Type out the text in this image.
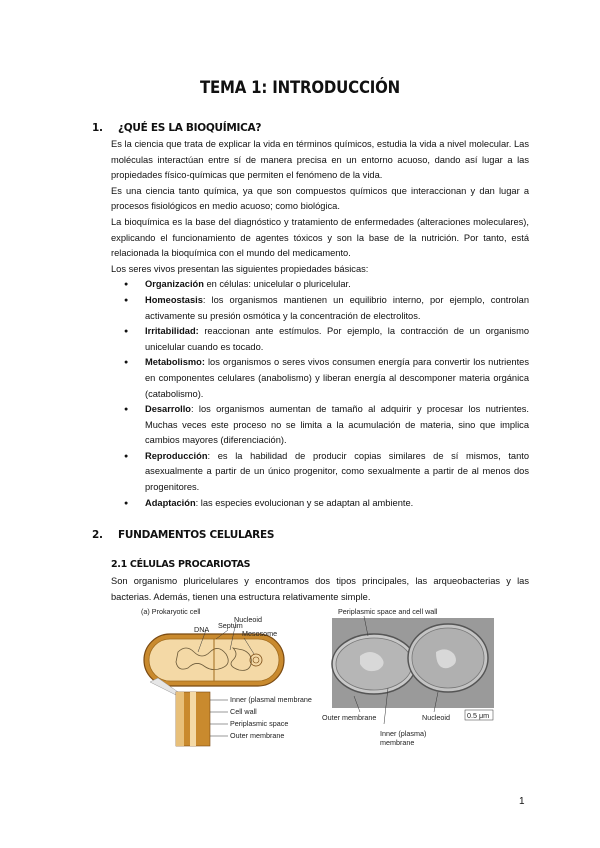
TEMA 1: INTRODUCCIÓN
1. ¿QUÉ ES LA BIOQUÍMICA?

Es la ciencia que trata de explicar la vida en términos químicos, estudia la vida a nivel molecular. Las moléculas interactúan entre sí de manera precisa en un entorno acuoso, dando así lugar a las propiedades físico-químicas que permiten el fenómeno de la vida.

Es una ciencia tanto química, ya que son compuestos químicos que interaccionan y dan lugar a procesos fisiológicos en medio acuoso; como biológica.

La bioquímica es la base del diagnóstico y tratamiento de enfermedades (alteraciones moleculares), explicando el funcionamiento de agentes tóxicos y son la base de la nutrición. Por tanto, está relacionada la bioquímica con el mundo del medicamento.

Los seres vivos presentan las siguientes propiedades básicas:

● Organización en células: unicelular o pluricelular.
● Homeostasis: los organismos mantienen un equilibrio interno, por ejemplo, controlan activamente su presión osmótica y la concentración de electrolitos.
● Irritabilidad: reaccionan ante estímulos. Por ejemplo, la contracción de un organismo unicelular cuando es tocado.
● Metabolismo: los organismos o seres vivos consumen energía para convertir los nutrientes en componentes celulares (anabolismo) y liberan energía al descomponer materia orgánica (catabolismo).
● Desarrollo: los organismos aumentan de tamaño al adquirir y procesar los nutrientes. Muchas veces este proceso no se limita a la acumulación de materia, sino que implica cambios mayores (diferenciación).
● Reproducción: es la habilidad de producir copias similares de sí mismos, tanto asexualmente a partir de un único progenitor, como sexualmente a partir de al menos dos progenitores.
● Adaptación: las especies evolucionan y se adaptan al ambiente.
2. FUNDAMENTOS CELULARES
2.1 CÉLULAS PROCARIOTAS

Son organismo pluricelulares y encontramos dos tipos principales, las arqueobacterias y las bacterias. Además, tienen una estructura relativamente simple.

(a) Prokaryotic cell
Nucleoid
Septum
DNA	Mesosome
Inner (plasmal membrane
Cell wall
Periplasmic space
Outer membrane
Periplasmic space and cell wall
Outer membrane	Nucleoid 0.5 μm
Inner (plasma)
membrane
1
